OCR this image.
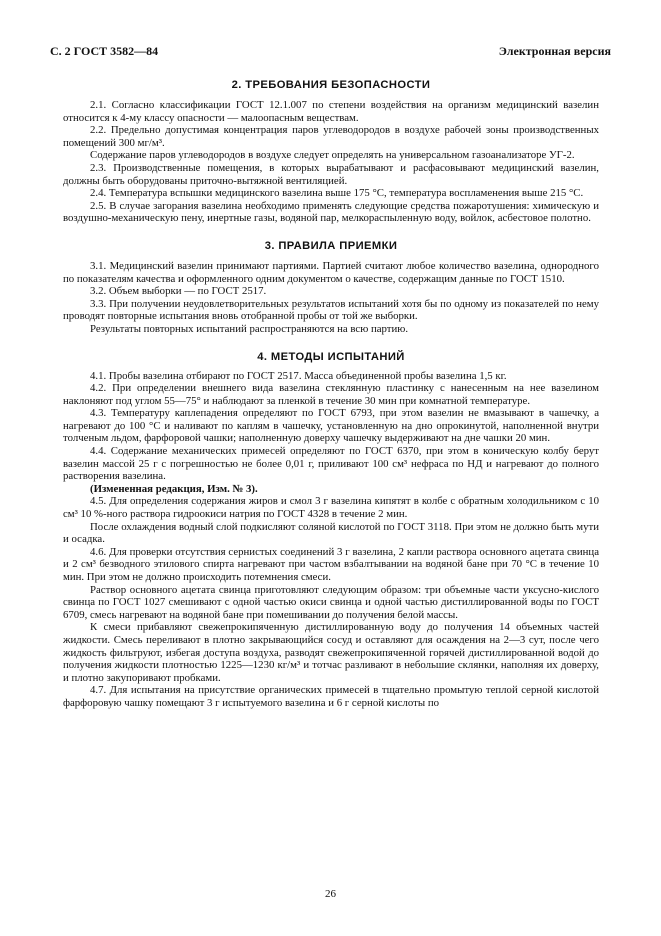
С. 2 ГОСТ 3582—84	Электронная версия
2. ТРЕБОВАНИЯ БЕЗОПАСНОСТИ

2.1. Согласно классификации ГОСТ 12.1.007 по степени воздействия на организм медицинский вазелин относится к 4-му классу опасности — малоопасным веществам.

2.2. Предельно допустимая концентрация паров углеводородов в воздухе рабочей зоны производственных помещений 300 мг/м³.

Содержание паров углеводородов в воздухе следует определять на универсальном газоанализаторе УГ-2.

2.3. Производственные помещения, в которых вырабатывают и расфасовывают медицинский вазелин, должны быть оборудованы приточно-вытяжной вентиляцией.

2.4. Температура вспышки медицинского вазелина выше 175 °С, температура воспламенения выше 215 °С.

2.5. В случае загорания вазелина необходимо применять следующие средства пожаротушения: химическую и воздушно-механическую пену, инертные газы, водяной пар, мелкораспыленную воду, войлок, асбестовое полотно.

3. ПРАВИЛА ПРИЕМКИ

3.1. Медицинский вазелин принимают партиями. Партией считают любое количество вазелина, однородного по показателям качества и оформленного одним документом о качестве, содержащим данные по ГОСТ 1510.

3.2. Объем выборки — по ГОСТ 2517.

3.3. При получении неудовлетворительных результатов испытаний хотя бы по одному из показателей по нему проводят повторные испытания вновь отобранной пробы от той же выборки.

Результаты повторных испытаний распространяются на всю партию.

4. МЕТОДЫ ИСПЫТАНИЙ

4.1. Пробы вазелина отбирают по ГОСТ 2517. Масса объединенной пробы вазелина 1,5 кг.

4.2. При определении внешнего вида вазелина стеклянную пластинку с нанесенным на нее вазелином наклоняют под углом 55—75° и наблюдают за пленкой в течение 30 мин при комнатной температуре.

4.3. Температуру каплепадения определяют по ГОСТ 6793, при этом вазелин не вмазывают в чашечку, а нагревают до 100 °С и наливают по каплям в чашечку, установленную на дно опрокинутой, наполненной внутри толченым льдом, фарфоровой чашки; наполненную доверху чашечку выдерживают на дне чашки 20 мин.

4.4. Содержание механических примесей определяют по ГОСТ 6370, при этом в коническую колбу берут вазелин массой 25 г с погрешностью не более 0,01 г, приливают 100 см³ нефраса по НД и нагревают до полного растворения вазелина.

(Измененная редакция, Изм. № 3).

4.5. Для определения содержания жиров и смол 3 г вазелина кипятят в колбе с обратным холодильником с 10 см³ 10 %-ного раствора гидроокиси натрия по ГОСТ 4328 в течение 2 мин.

После охлаждения водный слой подкисляют соляной кислотой по ГОСТ 3118. При этом не должно быть мути и осадка.

4.6. Для проверки отсутствия сернистых соединений 3 г вазелина, 2 капли раствора основного ацетата свинца и 2 см³ безводного этилового спирта нагревают при частом взбалтывании на водяной бане при 70 °С в течение 10 мин. При этом не должно происходить потемнения смеси.

Раствор основного ацетата свинца приготовляют следующим образом: три объемные части уксусно-кислого свинца по ГОСТ 1027 смешивают с одной частью окиси свинца и одной частью дистиллированной воды по ГОСТ 6709, смесь нагревают на водяной бане при помешивании до получения белой массы.

К смеси прибавляют свежепрокипяченную дистиллированную воду до получения 14 объемных частей жидкости. Смесь переливают в плотно закрывающийся сосуд и оставляют для осаждения на 2—3 сут, после чего жидкость фильтруют, избегая доступа воздуха, разводят свежепрокипяченной горячей дистиллированной водой до получения жидкости плотностью 1225—1230 кг/м³ и тотчас разливают в небольшие склянки, наполняя их доверху, и плотно закупоривают пробками.

4.7. Для испытания на присутствие органических примесей в тщательно промытую теплой серной кислотой фарфоровую чашку помещают 3 г испытуемого вазелина и 6 г серной кислоты по

26
